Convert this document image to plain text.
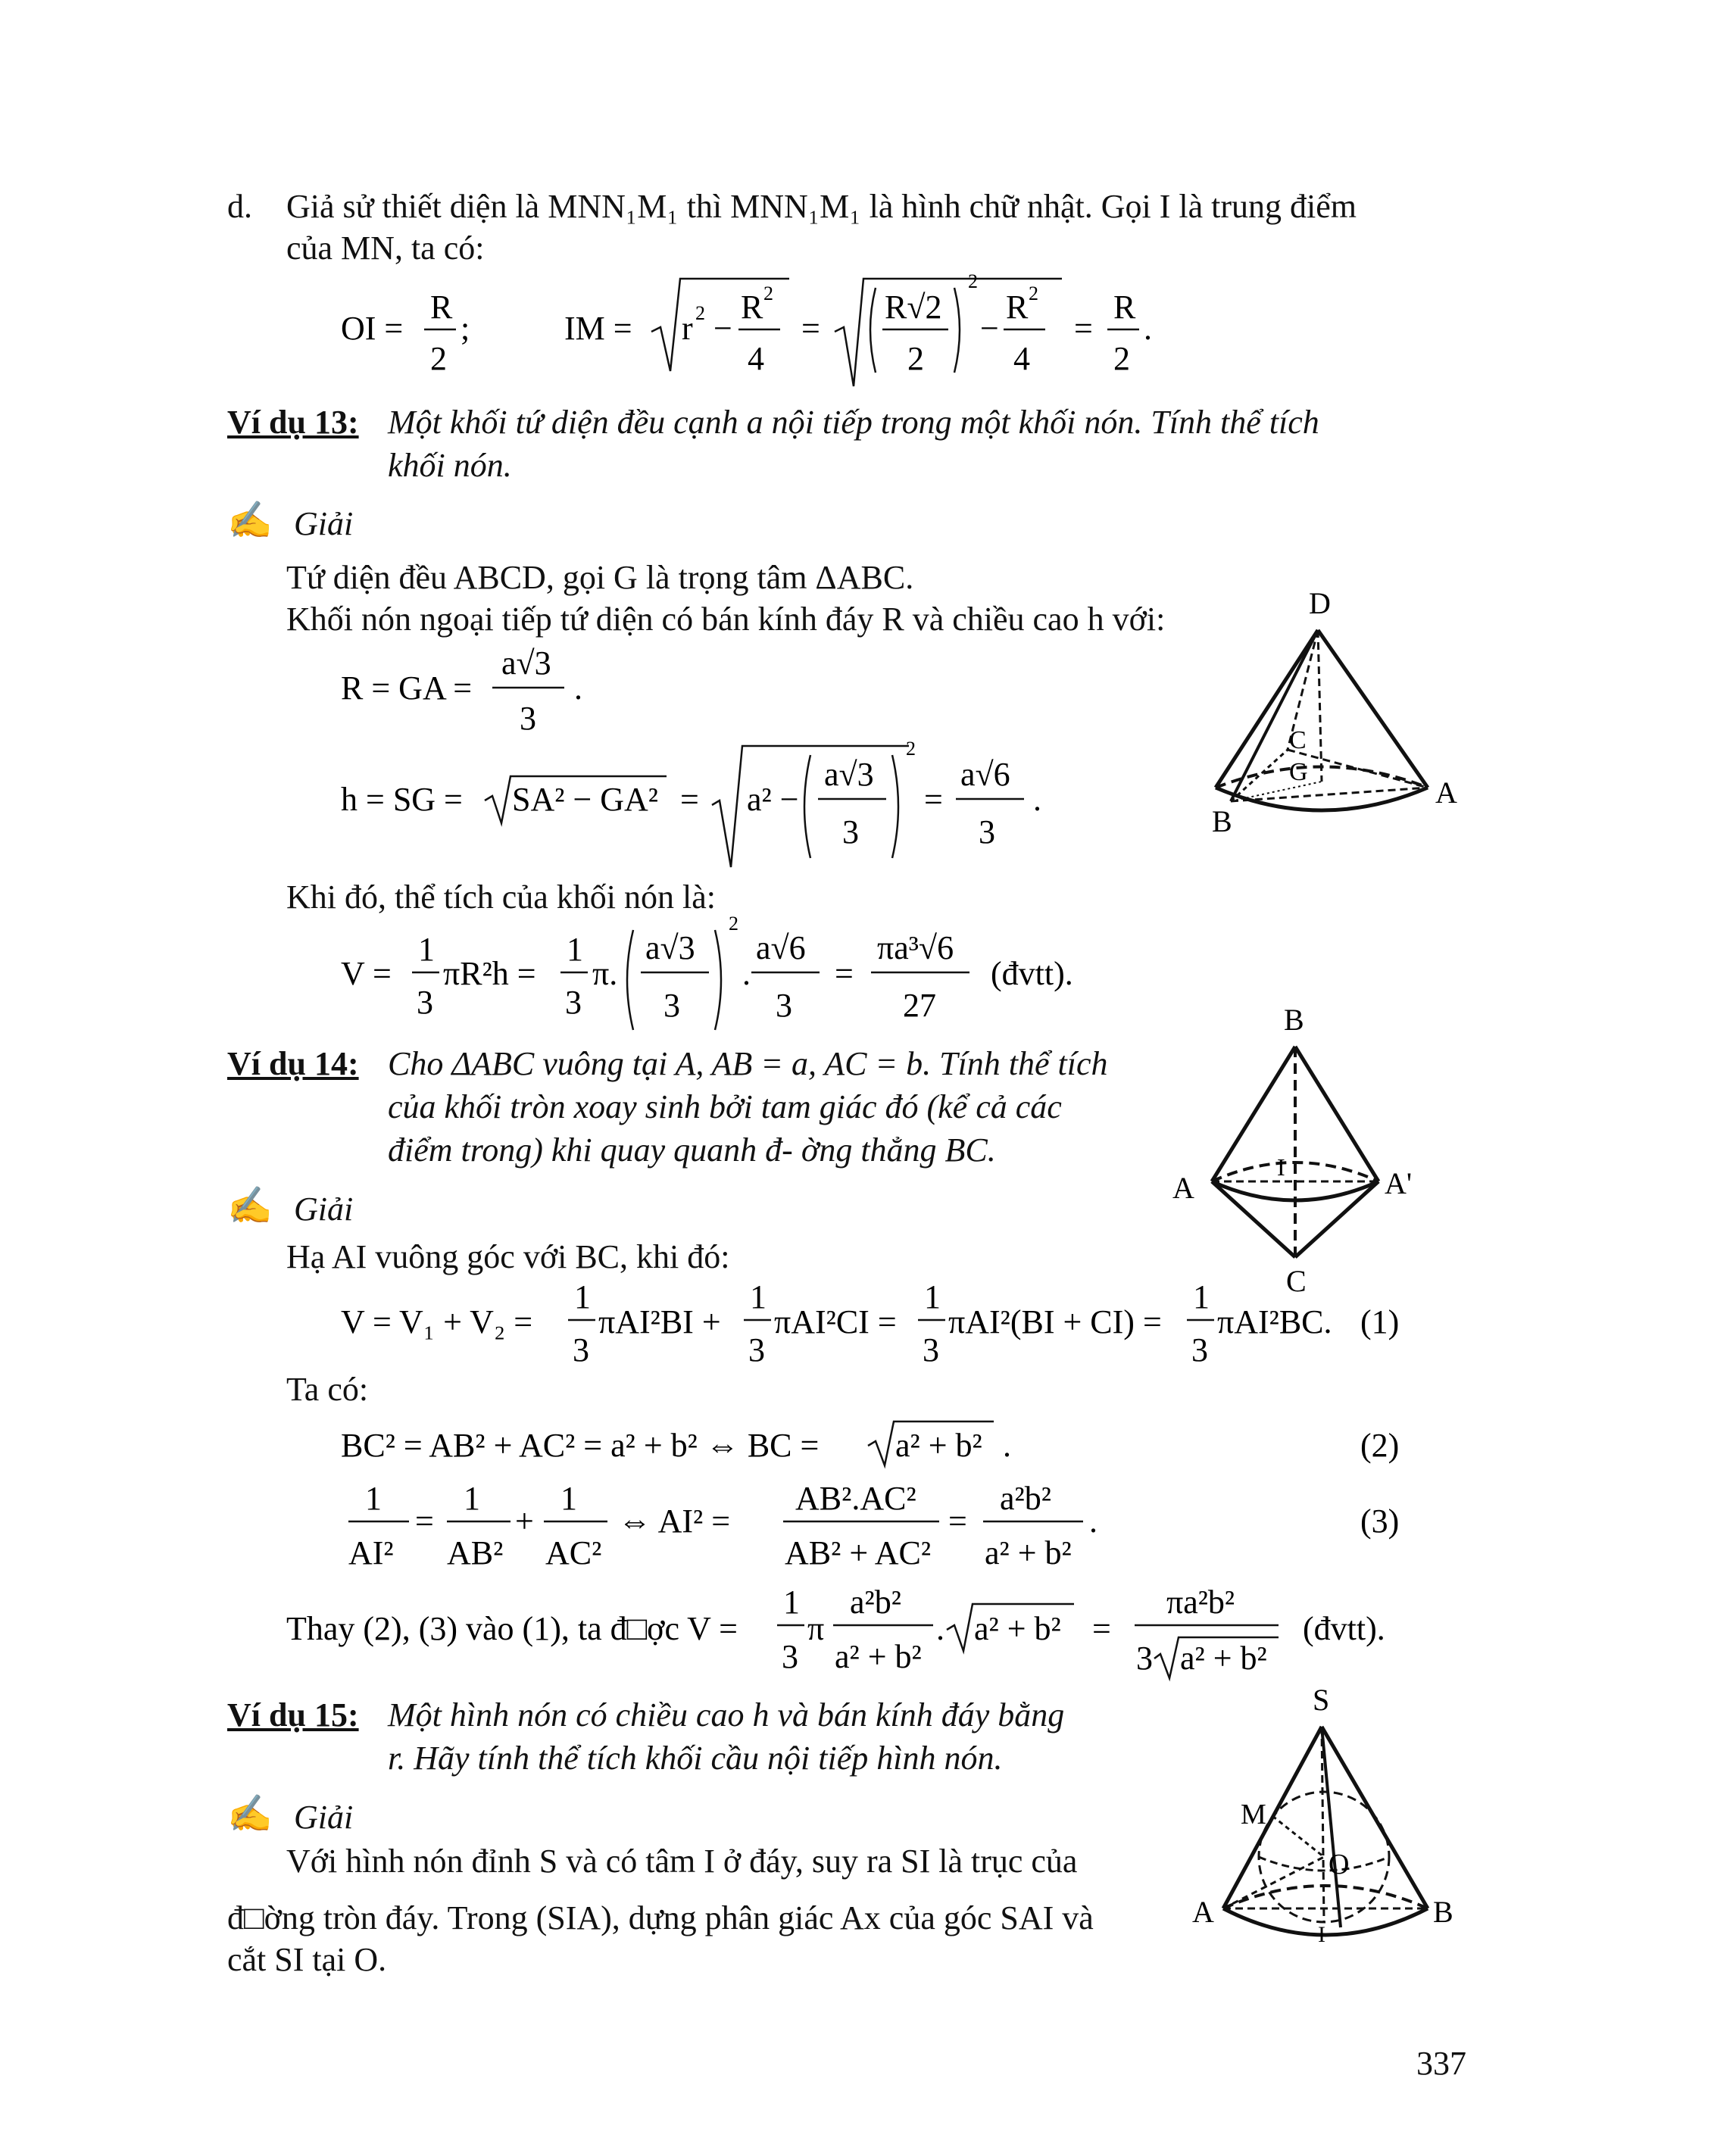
d. Giả sử thiết diện là MNN₁M₁ thì MNN₁M₁ là hình chữ nhật. Gọi I là trung điểm
của MN, ta có:
OI =
R
2
;	IM = r 2 −
R 2
4
=
R√2
2
2
−
R 2
4
=
R
2
.
Ví dụ 13: Một khối tứ diện đều cạnh a nội tiếp trong một khối nón. Tính thể tích
khối nón.
✍ Giải
Tứ diện đều ABCD, gọi G là trọng tâm ΔABC.
Khối nón ngoại tiếp tứ diện có bán kính đáy R và chiều cao h với:
R = GA =
a√3
3
.
h = SG = SA² − GA² = a² −
a√3
3
2
=
a√6
3
.
Khi đó, thể tích của khối nón là:
V =
1
3
πR²h =
1
3
π.
a√3
3
2
.
a√6
3
=
πa³√6
27
(đvtt).
D
C
G
A
B
Ví dụ 14: Cho ΔABC vuông tại A, AB = a, AC = b. Tính thể tích
của khối tròn xoay sinh bởi tam giác đó (kể cả các
điểm trong) khi quay quanh đ- ờng thẳng BC.
✍ Giải
Hạ AI vuông góc với BC, khi đó:
B
A	A'
I
C
V = V₁ + V₂ =
1
3
πAI²BI +
1
3
πAI²CI =
1
3
πAI²(BI + CI) =
1
3
πAI²BC. (1)
Ta có:
BC² = AB² + AC² = a² + b² ⇔ BC = a² + b² .	(2)
1
AI²
=
1
AB²
+
1
AC²
⇔ AI² =
AB².AC²
AB² + AC²
=
a²b²
a² + b²
.	(3)
Thay (2), (3) vào (1), ta đ□ợc V =
1
3
π
a²b²
a² + b²
. a² + b² =
πa²b²
3 a² + b²
(đvtt).
Ví dụ 15: Một hình nón có chiều cao h và bán kính đáy bằng
r. Hãy tính thể tích khối cầu nội tiếp hình nón.
✍ Giải
Với hình nón đỉnh S và có tâm I ở đáy, suy ra SI là trục của
đ□ờng tròn đáy. Trong (SIA), dựng phân giác Ax của góc SAI và
cắt SI tại O.
S
M
O
A	B
I
337
